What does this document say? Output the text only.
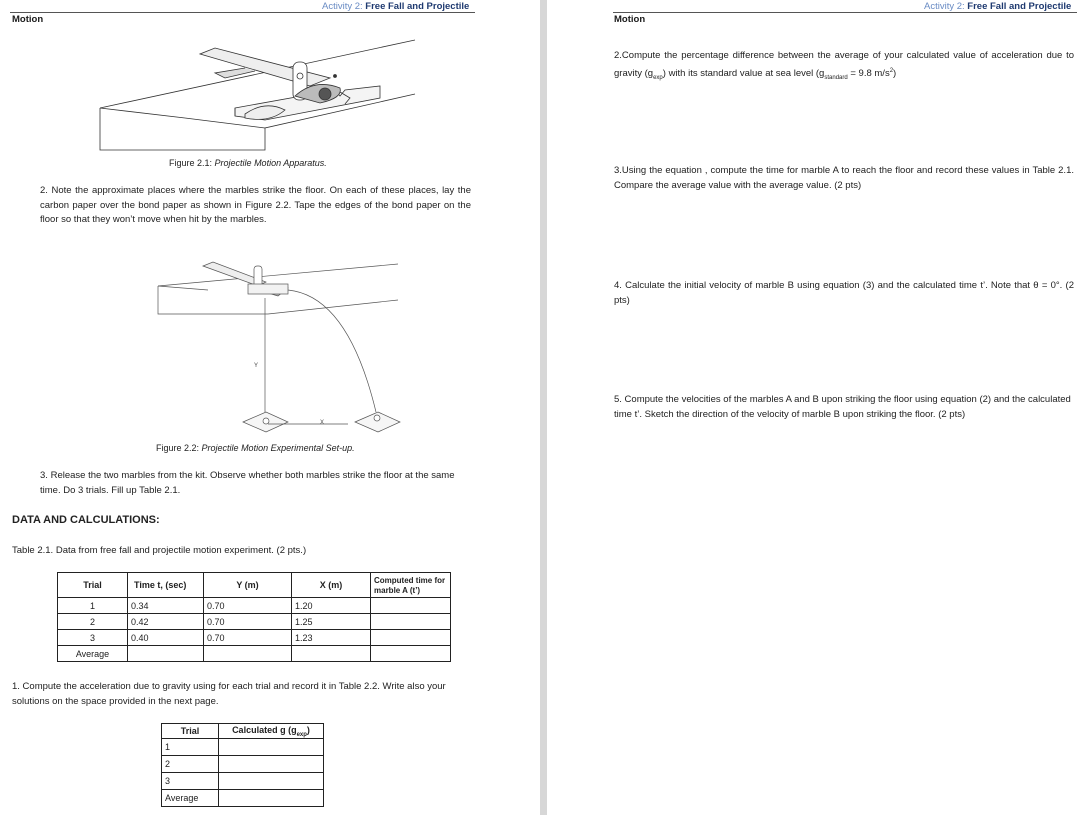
Activity 2: Free Fall and Projectile
Motion
Figure 2.1: Projectile Motion Apparatus.
2. Note the approximate places where the marbles strike the floor. On each of these places, lay the carbon paper over the bond paper as shown in Figure 2.2. Tape the edges of the bond paper on the floor so that they won’t move when hit by the marbles.
Y
X
Figure 2.2: Projectile Motion Experimental Set-up.
3. Release the two marbles from the kit. Observe whether both marbles strike the floor at the same time. Do 3 trials. Fill up Table 2.1.
DATA AND CALCULATIONS:
Table 2.1. Data from free fall and projectile motion experiment. (2 pts.)
Trial	Time t, (sec)	Y (m)	X (m)	Computed time for marble A (t’)
1	0.34	0.70	1.20	
2	0.42	0.70	1.25	
3	0.40	0.70	1.23	
Average				
1. Compute the acceleration due to gravity using for each trial and record it in Table 2.2. Write also your solutions on the space provided in the next page.
Trial	Calculated g $(g_{exp})$
1	
2	
3	
Average	
Activity 2: Free Fall and Projectile
Motion
2.Compute the percentage difference between the average of your calculated value of acceleration due to gravity $(g_{exp})$ with its standard value at sea level ($g_{standard} = 9.8$ $m/s^2$)
3.Using the equation , compute the time for marble A to reach the floor and record these values in Table 2.1. Compare the average value with the average value. (2 pts)
4. Calculate the initial velocity of marble B using equation (3) and the calculated time t’. Note that θ = 0°. (2 pts)
5. Compute the velocities of the marbles A and B upon striking the floor using equation (2) and the calculated time t’. Sketch the direction of the velocity of marble B upon striking the floor. (2 pts)
